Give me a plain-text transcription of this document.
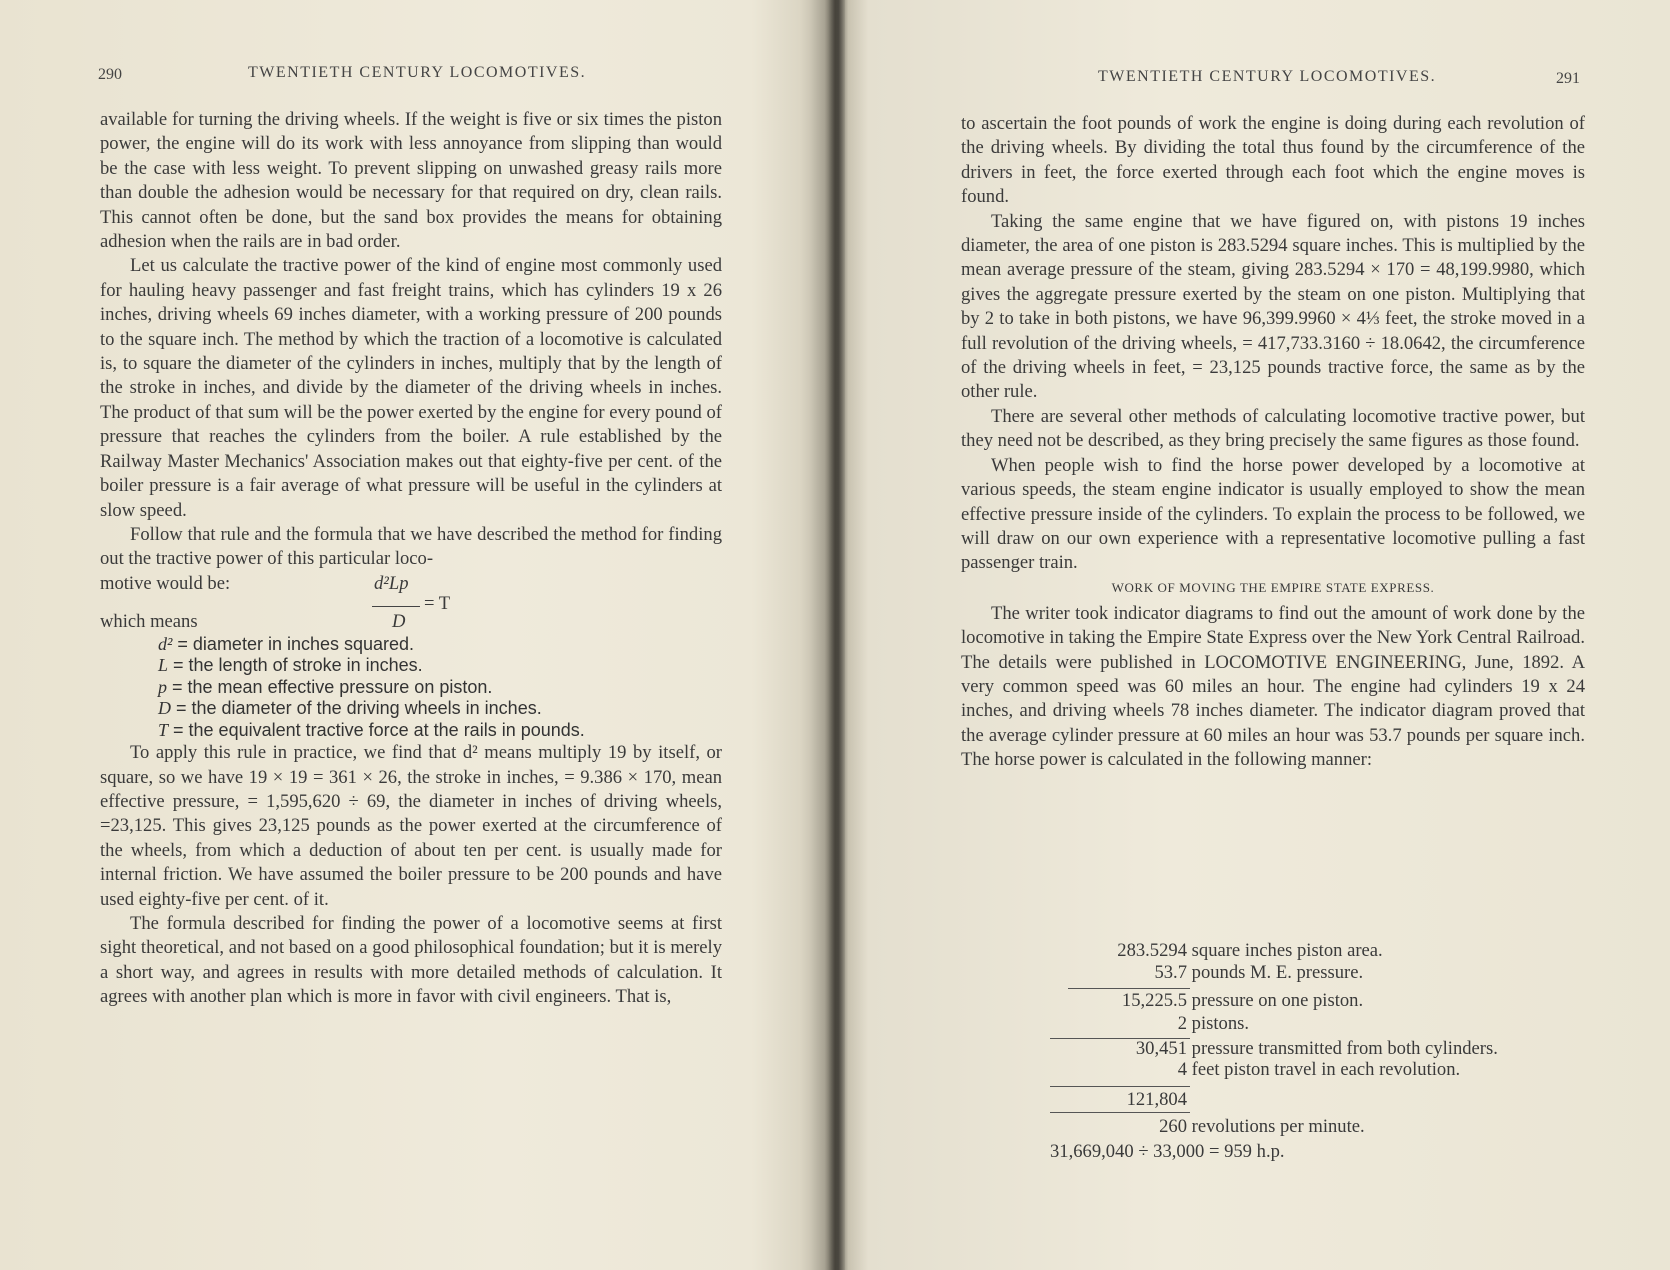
290	TWENTIETH CENTURY LOCOMOTIVES.

available for turning the driving wheels. If the weight is five or six times the piston power, the engine will do its work with less annoyance from slipping than would be the case with less weight. To prevent slipping on unwashed greasy rails more than double the adhesion would be necessary for that required on dry, clean rails. This cannot often be done, but the sand box provides the means for obtaining adhesion when the rails are in bad order.

Let us calculate the tractive power of the kind of engine most commonly used for hauling heavy passenger and fast freight trains, which has cylinders 19 x 26 inches, driving wheels 69 inches diameter, with a working pressure of 200 pounds to the square inch. The method by which the traction of a locomotive is calculated is, to square the diameter of the cylinders in inches, multiply that by the length of the stroke in inches, and divide by the diameter of the driving wheels in inches. The product of that sum will be the power exerted by the engine for every pound of pressure that reaches the cylinders from the boiler. A rule established by the Railway Master Mechanics' Association makes out that eighty-five per cent. of the boiler pressure is a fair average of what pressure will be useful in the cylinders at slow speed.

Follow that rule and the formula that we have described the method for finding out the tractive power of this particular loco-

motive would be:	d²Lp
= T
which means	D
d² = diameter in inches squared.
L = the length of stroke in inches.
p = the mean effective pressure on piston.
D = the diameter of the driving wheels in inches.
T = the equivalent tractive force at the rails in pounds.

To apply this rule in practice, we find that d² means multiply 19 by itself, or square, so we have 19 × 19 = 361 × 26, the stroke in inches, = 9.386 × 170, mean effective pressure, = 1,595,620 ÷ 69, the diameter in inches of driving wheels, =23,125. This gives 23,125 pounds as the power exerted at the circumference of the wheels, from which a deduction of about ten per cent. is usually made for internal friction. We have assumed the boiler pressure to be 200 pounds and have used eighty-five per cent. of it.

The formula described for finding the power of a locomotive seems at first sight theoretical, and not based on a good philosophical foundation; but it is merely a short way, and agrees in results with more detailed methods of calculation. It agrees with another plan which is more in favor with civil engineers. That is,

TWENTIETH CENTURY LOCOMOTIVES.	291

to ascertain the foot pounds of work the engine is doing during each revolution of the driving wheels. By dividing the total thus found by the circumference of the drivers in feet, the force exerted through each foot which the engine moves is found.

Taking the same engine that we have figured on, with pistons 19 inches diameter, the area of one piston is 283.5294 square inches. This is multiplied by the mean average pressure of the steam, giving 283.5294 × 170 = 48,199.9980, which gives the aggregate pressure exerted by the steam on one piston. Multiplying that by 2 to take in both pistons, we have 96,399.9960 × 4⅓ feet, the stroke moved in a full revolution of the driving wheels, = 417,733.3160 ÷ 18.0642, the circumference of the driving wheels in feet, = 23,125 pounds tractive force, the same as by the other rule.

There are several other methods of calculating locomotive tractive power, but they need not be described, as they bring precisely the same figures as those found.

When people wish to find the horse power developed by a locomotive at various speeds, the steam engine indicator is usually employed to show the mean effective pressure inside of the cylinders. To explain the process to be followed, we will draw on our own experience with a representative locomotive pulling a fast passenger train.

WORK OF MOVING THE EMPIRE STATE EXPRESS.

The writer took indicator diagrams to find out the amount of work done by the locomotive in taking the Empire State Express over the New York Central Railroad. The details were published in LOCOMOTIVE ENGINEERING, June, 1892. A very common speed was 60 miles an hour. The engine had cylinders 19 x 24 inches, and driving wheels 78 inches diameter. The indicator diagram proved that the average cylinder pressure at 60 miles an hour was 53.7 pounds per square inch. The horse power is calculated in the following manner:

283.5294 square inches piston area.
53.7 pounds M. E. pressure.
15,225.5 pressure on one piston.
2 pistons.
30,451 pressure transmitted from both cylinders.
4 feet piston travel in each revolution.
121,804
260 revolutions per minute.
31,669,040 ÷ 33,000 = 959 h.p.
